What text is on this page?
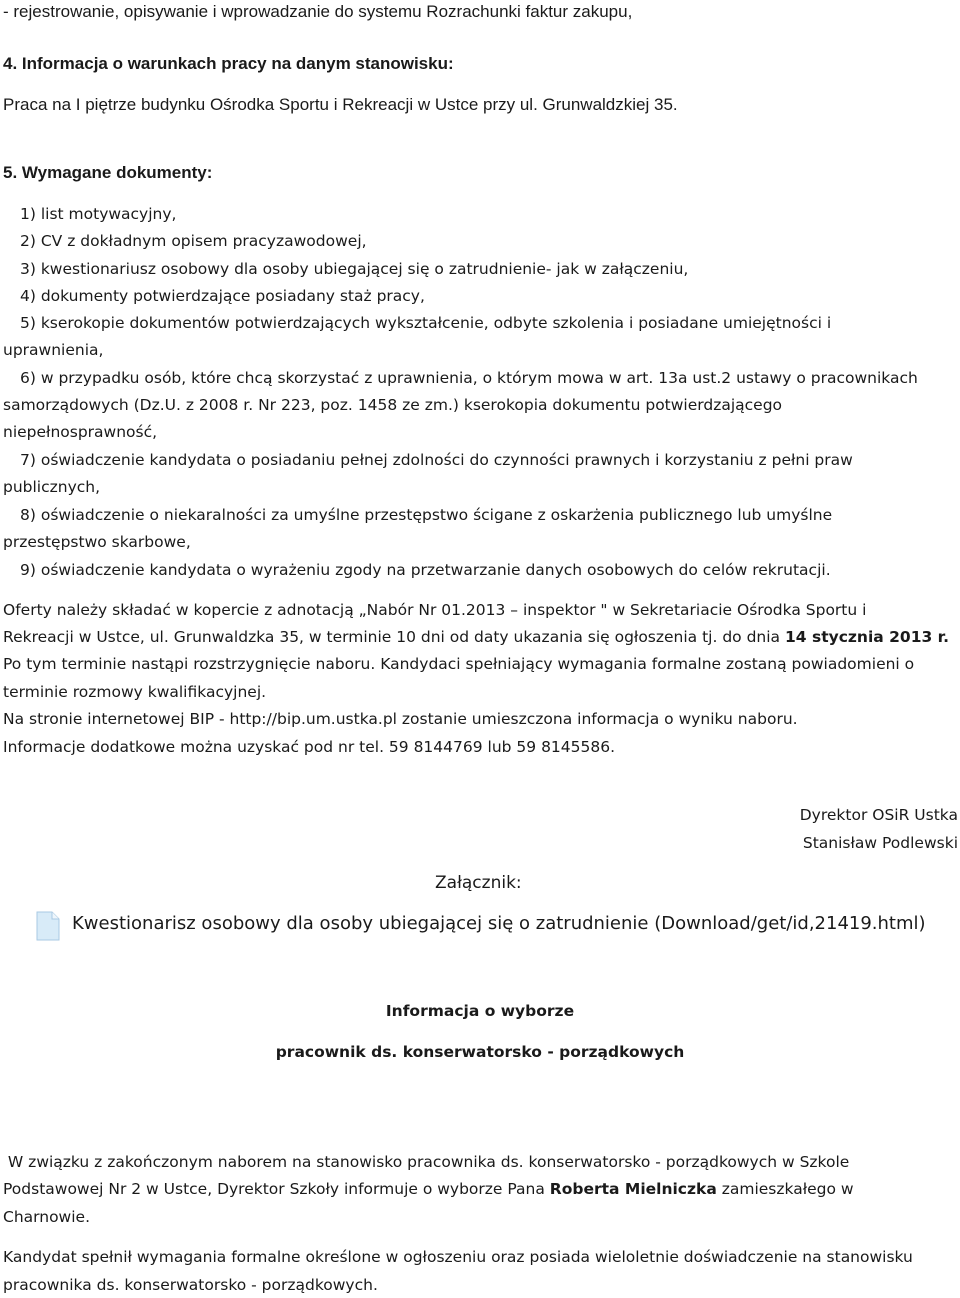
- rejestrowanie, opisywanie i wprowadzanie do systemu Rozrachunki faktur zakupu,
4. Informacja o warunkach pracy na danym stanowisku:
Praca na I piętrze budynku Ośrodka Sportu i Rekreacji w Ustce przy ul. Grunwaldzkiej 35.
5. Wymagane dokumenty:
1) list motywacyjny,
2) CV z dokładnym opisem pracyzawodowej,
3) kwestionariusz osobowy dla osoby ubiegającej się o zatrudnienie- jak w załączeniu,
4) dokumenty potwierdzające posiadany staż pracy,
5) kserokopie dokumentów potwierdzających wykształcenie, odbyte szkolenia i posiadane umiejętności i
uprawnienia,
6) w przypadku osób, które chcą skorzystać z uprawnienia, o którym mowa w art. 13a ust.2 ustawy o pracownikach
samorządowych (Dz.U. z 2008 r. Nr 223, poz. 1458 ze zm.) kserokopia dokumentu potwierdzającego
niepełnosprawność,
7) oświadczenie kandydata o posiadaniu pełnej zdolności do czynności prawnych i korzystaniu z pełni praw
publicznych,
8) oświadczenie o niekaralności za umyślne przestępstwo ścigane z oskarżenia publicznego lub umyślne
przestępstwo skarbowe,
9) oświadczenie kandydata o wyrażeniu zgody na przetwarzanie danych osobowych do celów rekrutacji.
Oferty należy składać w kopercie z adnotacją „Nabór Nr 01.2013 – inspektor " w Sekretariacie Ośrodka Sportu i
Rekreacji w Ustce, ul. Grunwaldzka 35, w terminie 10 dni od daty ukazania się ogłoszenia tj. do dnia 14 stycznia 2013 r.
Po tym terminie nastąpi rozstrzygnięcie naboru. Kandydaci spełniający wymagania formalne zostaną powiadomieni o
terminie rozmowy kwalifikacyjnej.
Na stronie internetowej BIP - http://bip.um.ustka.pl zostanie umieszczona informacja o wyniku naboru.
Informacje dodatkowe można uzyskać pod nr tel. 59 8144769 lub 59 8145586.
Dyrektor OSiR Ustka
Stanisław Podlewski
Załącznik:
Kwestionarisz osobowy dla osoby ubiegającej się o zatrudnienie (Download/get/id,21419.html)
Informacja o wyborze
pracownik ds. konserwatorsko - porządkowych
W związku z zakończonym naborem na stanowisko pracownika ds. konserwatorsko - porządkowych w Szkole
Podstawowej Nr 2 w Ustce, Dyrektor Szkoły informuje o wyborze Pana Roberta Mielniczka zamieszkałego w
Charnowie.
Kandydat spełnił wymagania formalne określone w ogłoszeniu oraz posiada wieloletnie doświadczenie na stanowisku
pracownika ds. konserwatorsko - porządkowych.
